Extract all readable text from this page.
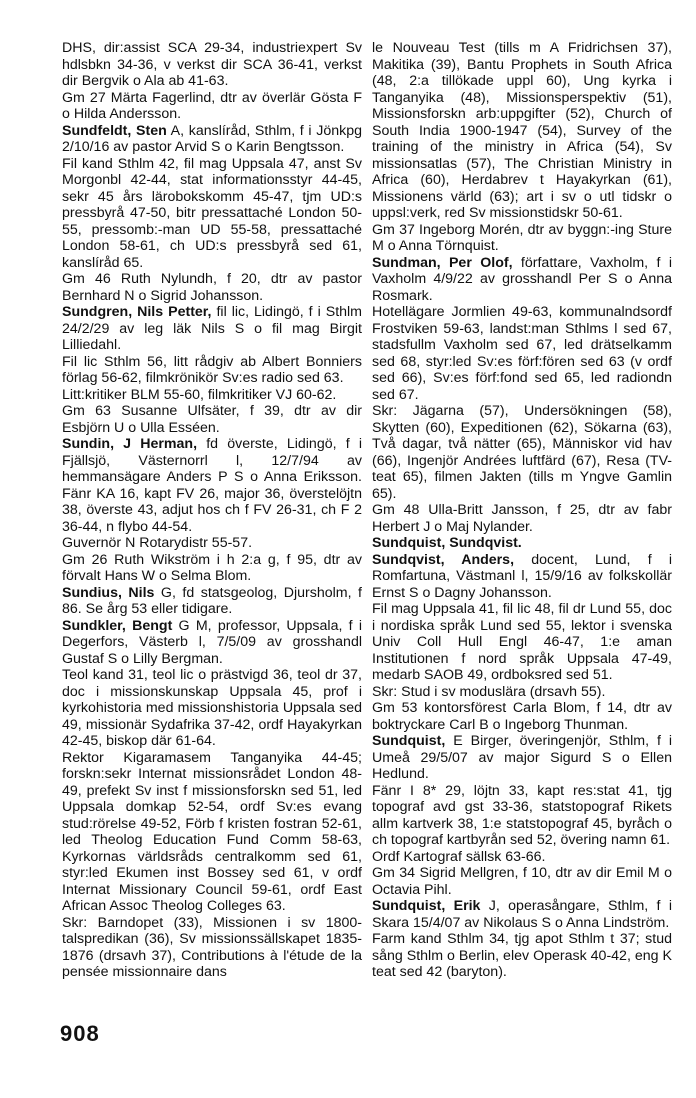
DHS, dir:assist SCA 29-34, industriexpert Sv hdlsbkn 34-36, v verkst dir SCA 36-41, verkst dir Bergvik o Ala ab 41-63.

Gm 27 Märta Fagerlind, dtr av överlär Gösta F o Hilda Andersson.

Sundfeldt, Sten A, kanslíråd, Sthlm, f i Jönkpg 2/10/16 av pastor Arvid S o Karin Bengtsson.

Fil kand Sthlm 42, fil mag Uppsala 47, anst Sv Morgonbl 42-44, stat informationsstyr 44-45, sekr 45 års lärobokskomm 45-47, tjm UD:s pressbyrå 47-50, bitr pressattaché London 50-55, pressomb:-man UD 55-58, pressattaché London 58-61, ch UD:s pressbyrå sed 61, kanslíråd 65.

Gm 46 Ruth Nylundh, f 20, dtr av pastor Bernhard N o Sigrid Johansson.

Sundgren, Nils Petter, fil lic, Lidingö, f i Sthlm 24/2/29 av leg läk Nils S o fil mag Birgit Lilliedahl.

Fil lic Sthlm 56, litt rådgiv ab Albert Bonniers förlag 56-62, filmkrönikör Sv:es radio sed 63.

Litt:kritiker BLM 55-60, filmkritiker VJ 60-62.

Gm 63 Susanne Ulfsäter, f 39, dtr av dir Esbjörn U o Ulla Esséen.

Sundin, J Herman, fd överste, Lidingö, f i Fjällsjö, Västernorrl l, 12/7/94 av hemmansägare Anders P S o Anna Eriksson. Fänr KA 16, kapt FV 26, major 36, överstelöjtn 38, överste 43, adjut hos ch f FV 26-31, ch F 2 36-44, n flybo 44-54.

Guvernör N Rotarydistr 55-57.

Gm 26 Ruth Wikström i h 2:a g, f 95, dtr av förvalt Hans W o Selma Blom.

Sundius, Nils G, fd statsgeolog, Djursholm, f 86. Se årg 53 eller tidigare.

Sundkler, Bengt G M, professor, Uppsala, f i Degerfors, Västerb l, 7/5/09 av grosshandl Gustaf S o Lilly Bergman.

Teol kand 31, teol lic o prästvigd 36, teol dr 37, doc i missionskunskap Uppsala 45, prof i kyrkohistoria med missionshistoria Uppsala sed 49, missionär Sydafrika 37-42, ordf Hayakyrkan 42-45, biskop där 61-64.

Rektor Kigaramasem Tanganyika 44-45; forskn:sekr Internat missionsrådet London 48-49, prefekt Sv inst f missionsforskn sed 51, led Uppsala domkap 52-54, ordf Sv:es evang stud:rörelse 49-52, Förb f kristen fostran 52-61, led Theolog Education Fund Comm 58-63, Kyrkornas världsråds centralkomm sed 61, styr:led Ekumen inst Bossey sed 61, v ordf Internat Missionary Council 59-61, ordf East African Assoc Theolog Colleges 63.

Skr: Barndopet (33), Missionen i sv 1800-talspredikan (36), Sv missionssällskapet 1835-1876 (drsavh 37), Contributions à l'étude de la pensée missionnaire dans

le Nouveau Test (tills m A Fridrichsen 37), Makitika (39), Bantu Prophets in South Africa (48, 2:a tillökade uppl 60), Ung kyrka i Tanganyika (48), Missionsperspektiv (51), Missionsforskn arb:uppgifter (52), Church of South India 1900-1947 (54), Survey of the training of the ministry in Africa (54), Sv missionsatlas (57), The Christian Ministry in Africa (60), Herdabrev t Hayakyrkan (61), Missionens värld (63); art i sv o utl tidskr o uppsl:verk, red Sv missionstidskr 50-61.

Gm 37 Ingeborg Morén, dtr av byggn:-ing Sture M o Anna Törnquist.

Sundman, Per Olof, författare, Vaxholm, f i Vaxholm 4/9/22 av grosshandl Per S o Anna Rosmark.

Hotellägare Jormlien 49-63, kommunalndsordf Frostviken 59-63, landst:man Sthlms l sed 67, stadsfullm Vaxholm sed 67, led drätselkamm sed 68, styr:led Sv:es förf:fören sed 63 (v ordf sed 66), Sv:es förf:fond sed 65, led radiondn sed 67.

Skr: Jägarna (57), Undersökningen (58), Skytten (60), Expeditionen (62), Sökarna (63), Två dagar, två nätter (65), Människor vid hav (66), Ingenjör Andrées luftfärd (67), Resa (TV-teat 65), filmen Jakten (tills m Yngve Gamlin 65).

Gm 48 Ulla-Britt Jansson, f 25, dtr av fabr Herbert J o Maj Nylander.

Sundquist, Sundqvist.

Sundqvist, Anders, docent, Lund, f i Romfartuna, Västmanl l, 15/9/16 av folkskollär Ernst S o Dagny Johansson.

Fil mag Uppsala 41, fil lic 48, fil dr Lund 55, doc i nordiska språk Lund sed 55, lektor i svenska Univ Coll Hull Engl 46-47, 1:e aman Institutionen f nord språk Uppsala 47-49, medarb SAOB 49, ordboksred sed 51.

Skr: Stud i sv moduslära (drsavh 55).

Gm 53 kontorsförest Carla Blom, f 14, dtr av boktryckare Carl B o Ingeborg Thunman.

Sundquist, E Birger, överingenjör, Sthlm, f i Umeå 29/5/07 av major Sigurd S o Ellen Hedlund.

Fänr I 8* 29, löjtn 33, kapt res:stat 41, tjg topograf avd gst 33-36, statstopograf Rikets allm kartverk 38, 1:e statstopograf 45, byråch o ch topograf kartbyrån sed 52, övering namn 61.

Ordf Kartograf sällsk 63-66.

Gm 34 Sigrid Mellgren, f 10, dtr av dir Emil M o Octavia Pihl.

Sundquist, Erik J, operasångare, Sthlm, f i Skara 15/4/07 av Nikolaus S o Anna Lindström.

Farm kand Sthlm 34, tjg apot Sthlm t 37; stud sång Sthlm o Berlin, elev Operask 40-42, eng K teat sed 42 (baryton).

908
